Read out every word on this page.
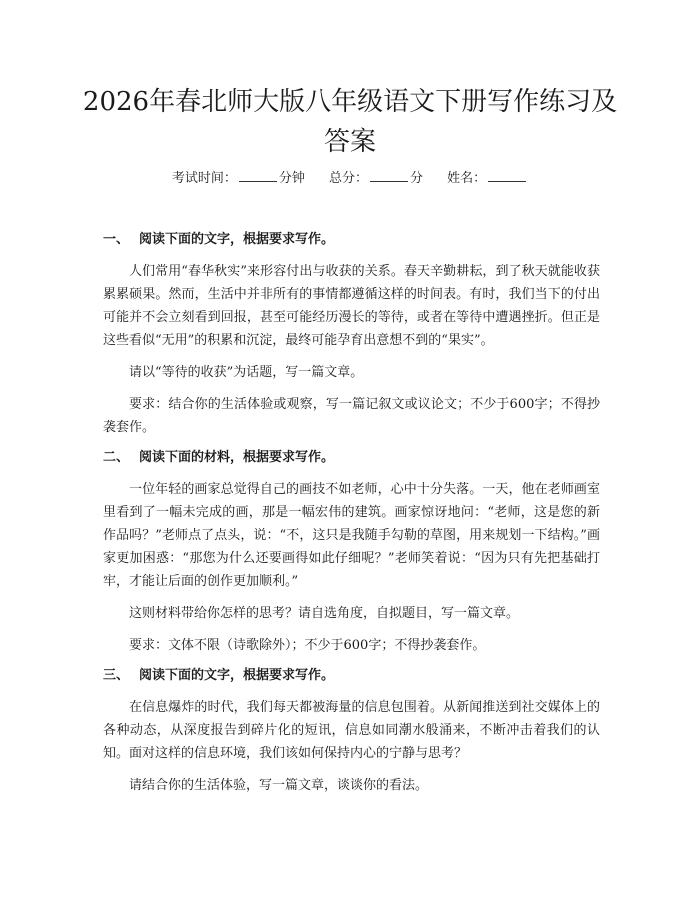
2026年春北师大版八年级语文下册写作练习及答案
考试时间：	分钟 总分：	分 姓名：
一、 阅读下面的文字，根据要求写作。

人们常用“春华秋实”来形容付出与收获的关系。春天辛勤耕耘，到了秋天就能收获累累硕果。然而，生活中并非所有的事情都遵循这样的时间表。有时，我们当下的付出可能并不会立刻看到回报，甚至可能经历漫长的等待，或者在等待中遭遇挫折。但正是这些看似“无用”的积累和沉淀，最终可能孕育出意想不到的“果实”。

请以“等待的收获”为话题，写一篇文章。

要求：结合你的生活体验或观察，写一篇记叙文或议论文；不少于600字；不得抄袭套作。

二、 阅读下面的材料，根据要求写作。

一位年轻的画家总觉得自己的画技不如老师，心中十分失落。一天，他在老师画室里看到了一幅未完成的画，那是一幅宏伟的建筑。画家惊讶地问：“老师，这是您的新作品吗？”老师点了点头，说：“不，这只是我随手勾勒的草图，用来规划一下结构。”画家更加困惑：“那您为什么还要画得如此仔细呢？”老师笑着说：“因为只有先把基础打牢，才能让后面的创作更加顺利。”

这则材料带给你怎样的思考？请自选角度，自拟题目，写一篇文章。

要求：文体不限（诗歌除外）；不少于600字；不得抄袭套作。

三、 阅读下面的文字，根据要求写作。

在信息爆炸的时代，我们每天都被海量的信息包围着。从新闻推送到社交媒体上的各种动态，从深度报告到碎片化的短讯，信息如同潮水般涌来，不断冲击着我们的认知。面对这样的信息环境，我们该如何保持内心的宁静与思考？

请结合你的生活体验，写一篇文章，谈谈你的看法。
